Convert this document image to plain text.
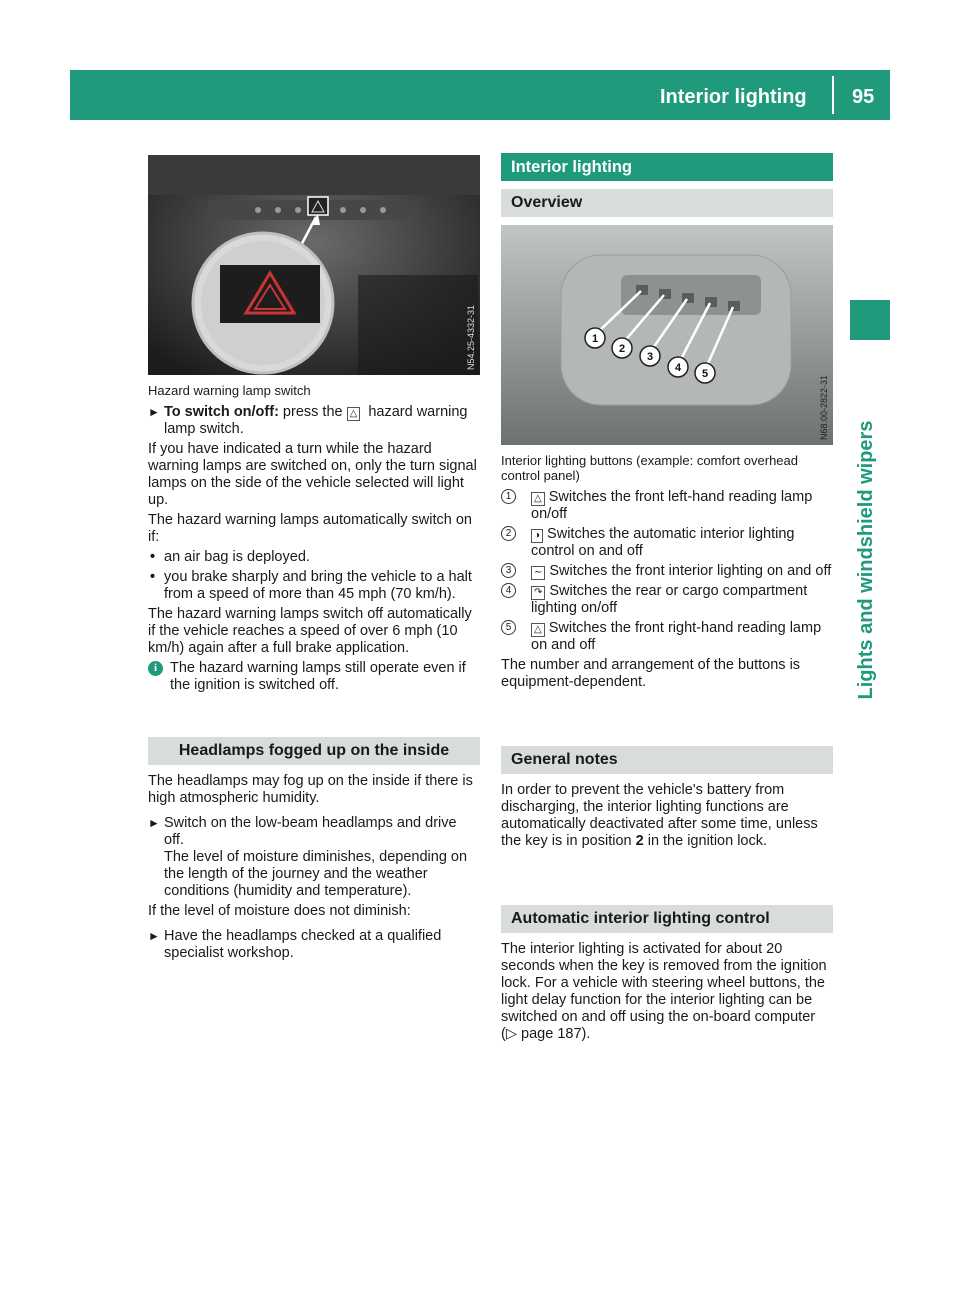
Interior lighting 95
Lights and windshield wipers
N54.25-4332-31

Hazard warning lamp switch

► To switch on/off: press the △ hazard warning lamp switch.

If you have indicated a turn while the hazard warning lamps are switched on, only the turn signal lamps on the side of the vehicle selected will light up.

The hazard warning lamps automatically switch on if:

• an air bag is deployed.

• you brake sharply and bring the vehicle to a halt from a speed of more than 45 mph (70 km/h).

The hazard warning lamps switch off automatically if the vehicle reaches a speed of over 6 mph (10 km/h) again after a full brake application.

i The hazard warning lamps still operate even if the ignition is switched off.

Headlamps fogged up on the inside

The headlamps may fog up on the inside if there is high atmospheric humidity.

► Switch on the low-beam headlamps and drive off.
The level of moisture diminishes, depending on the length of the journey and the weather conditions (humidity and temperature).

If the level of moisture does not diminish:

► Have the headlamps checked at a qualified specialist workshop.

Interior lighting
Overview
1
2
3
4 5
N68.00-2822-31

Interior lighting buttons (example: comfort overhead control panel)

1	△ Switches the front left-hand reading lamp on/off

2	◑ Switches the automatic interior lighting control on and off

3	∼ Switches the front interior lighting on and off

4	↷ Switches the rear or cargo compartment lighting on/off

5	△ Switches the front right-hand reading lamp on and off

The number and arrangement of the buttons is equipment-dependent.

General notes

In order to prevent the vehicle's battery from discharging, the interior lighting functions are automatically deactivated after some time, unless the key is in position 2 in the ignition lock.

Automatic interior lighting control

The interior lighting is activated for about 20 seconds when the key is removed from the ignition lock. For a vehicle with steering wheel buttons, the light delay function for the interior lighting can be switched on and off using the on-board computer (▷ page 187).
